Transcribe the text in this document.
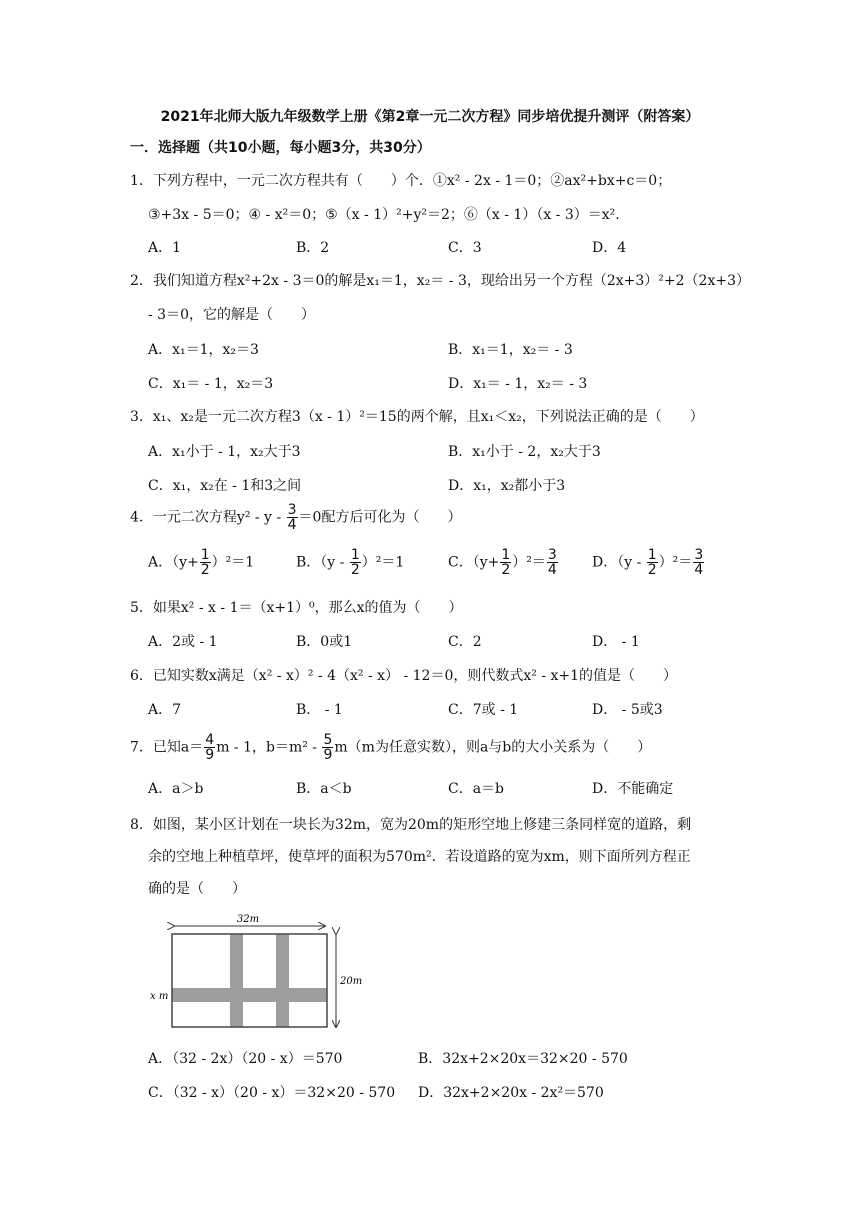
2021年北师大版九年级数学上册《第2章一元二次方程》同步培优提升测评（附答案）
一．选择题（共10小题，每小题3分，共30分）
1．下列方程中，一元二次方程共有（　　）个．①x² - 2x - 1＝0；②ax²+bx+c＝0；
③+3x - 5＝0；④ - x²＝0；⑤（x - 1）²+y²＝2；⑥（x - 1）（x - 3）＝x².
A．1	B．2	C．3	D．4
2．我们知道方程x²+2x - 3＝0的解是x₁＝1，x₂＝ - 3，现给出另一个方程（2x+3）²+2（2x+3）
- 3＝0，它的解是（　　）
A．x₁＝1，x₂＝3	B．x₁＝1，x₂＝ - 3
C．x₁＝ - 1，x₂＝3	D．x₁＝ - 1，x₂＝ - 3
3．x₁、x₂是一元二次方程3（x - 1）²＝15的两个解，且x₁＜x₂，下列说法正确的是（　　）
A．x₁小于 - 1，x₂大于3	B．x₁小于 - 2，x₂大于3
C．x₁，x₂在 - 1和3之间	D．x₁，x₂都小于3
4．一元二次方程$y^2 - y - \frac{3}{4} =0$配方后可化为（　　）
A．$(y+ \frac{1}{2} )^2=1$	B．$(y - \frac{1}{2} )^2=1$	C．$(y+ \frac{1}{2} )^2= \frac{3}{4}$ D．$(y - \frac{1}{2} )^2= \frac{3}{4}$
5．如果x² - x - 1＝（x+1）⁰，那么x的值为（　　）
A．2或 - 1	B．0或1	C．2	D． - 1
6．已知实数x满足（x² - x）² - 4（x² - x） - 12＝0，则代数式x² - x+1的值是（　　）
A．7	B． - 1	C．7或 - 1	D． - 5或3
7．已知$a= \frac{4}{9}$ m - 1，$b=m^2 - \frac{5}{9} m(m$为任意实数），则a与b的大小关系为（　　）
A．a＞b	B．a＜b	C．a＝b	D．不能确定
8．如图，某小区计划在一块长为32m，宽为20m的矩形空地上修建三条同样宽的道路，剩
余的空地上种植草坪，使草坪的面积为570m²．若设道路的宽为xm，则下面所列方程正
确的是（　　）
32m
20m
x m
A．（32 - 2x）（20 - x）＝570	B．32x+2×20x＝32×20 - 570
C．（32 - x）（20 - x）＝32×20 - 570 D．32x+2×20x - 2x²＝570
